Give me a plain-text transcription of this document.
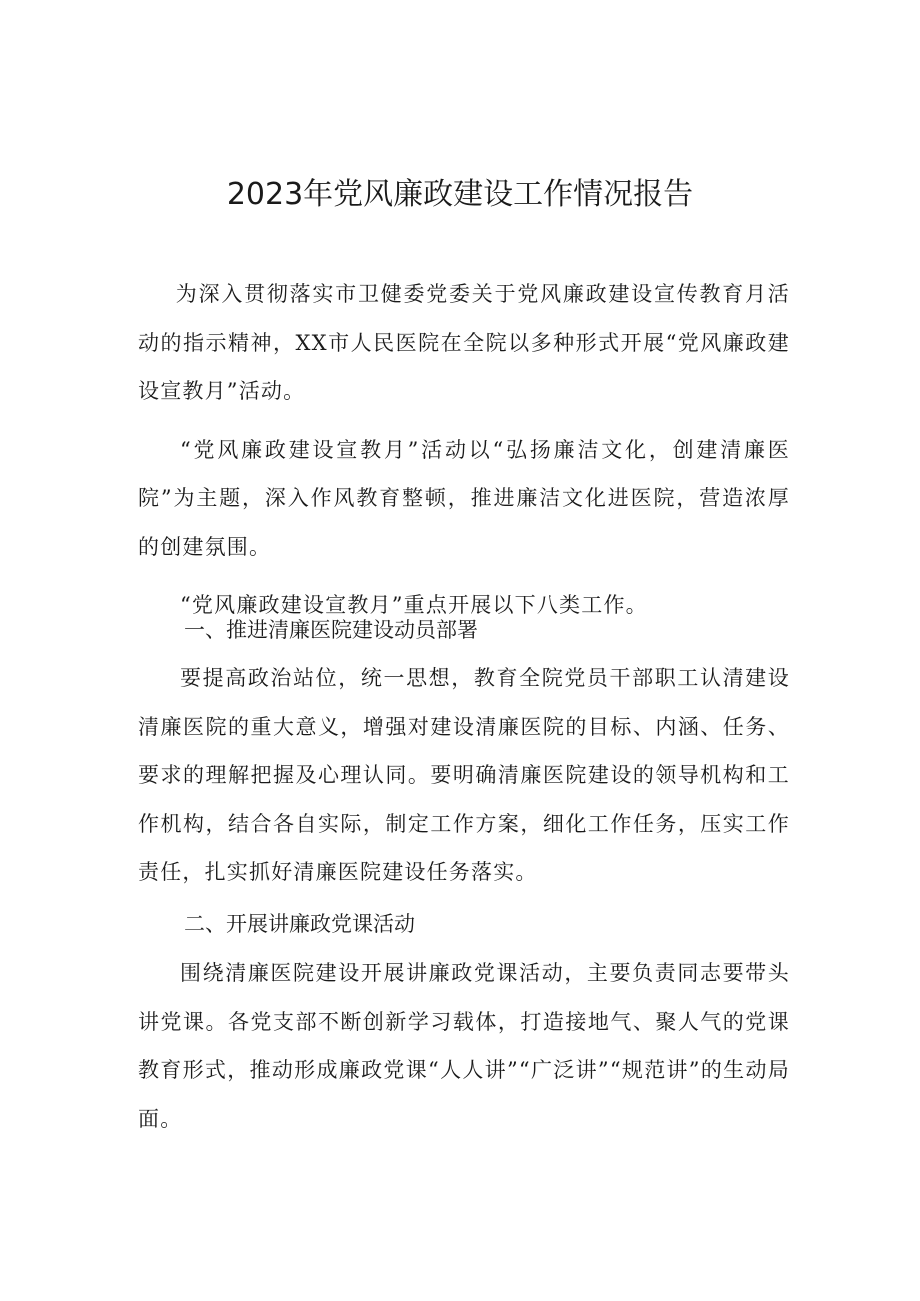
2023年党风廉政建设工作情况报告

为深入贯彻落实市卫健委党委关于党风廉政建设宣传教育月活动的指示精神，XX市人民医院在全院以多种形式开展“党风廉政建设宣教月”活动。

“党风廉政建设宣教月”活动以“弘扬廉洁文化，创建清廉医院”为主题，深入作风教育整顿，推进廉洁文化进医院，营造浓厚的创建氛围。

“党风廉政建设宣教月”重点开展以下八类工作。

一、推进清廉医院建设动员部署

要提高政治站位，统一思想，教育全院党员干部职工认清建设清廉医院的重大意义，增强对建设清廉医院的目标、内涵、任务、要求的理解把握及心理认同。要明确清廉医院建设的领导机构和工作机构，结合各自实际，制定工作方案，细化工作任务，压实工作责任，扎实抓好清廉医院建设任务落实。

二、开展讲廉政党课活动

围绕清廉医院建设开展讲廉政党课活动，主要负责同志要带头讲党课。各党支部不断创新学习载体，打造接地气、聚人气的党课教育形式，推动形成廉政党课“人人讲”“广泛讲”“规范讲”的生动局面。
